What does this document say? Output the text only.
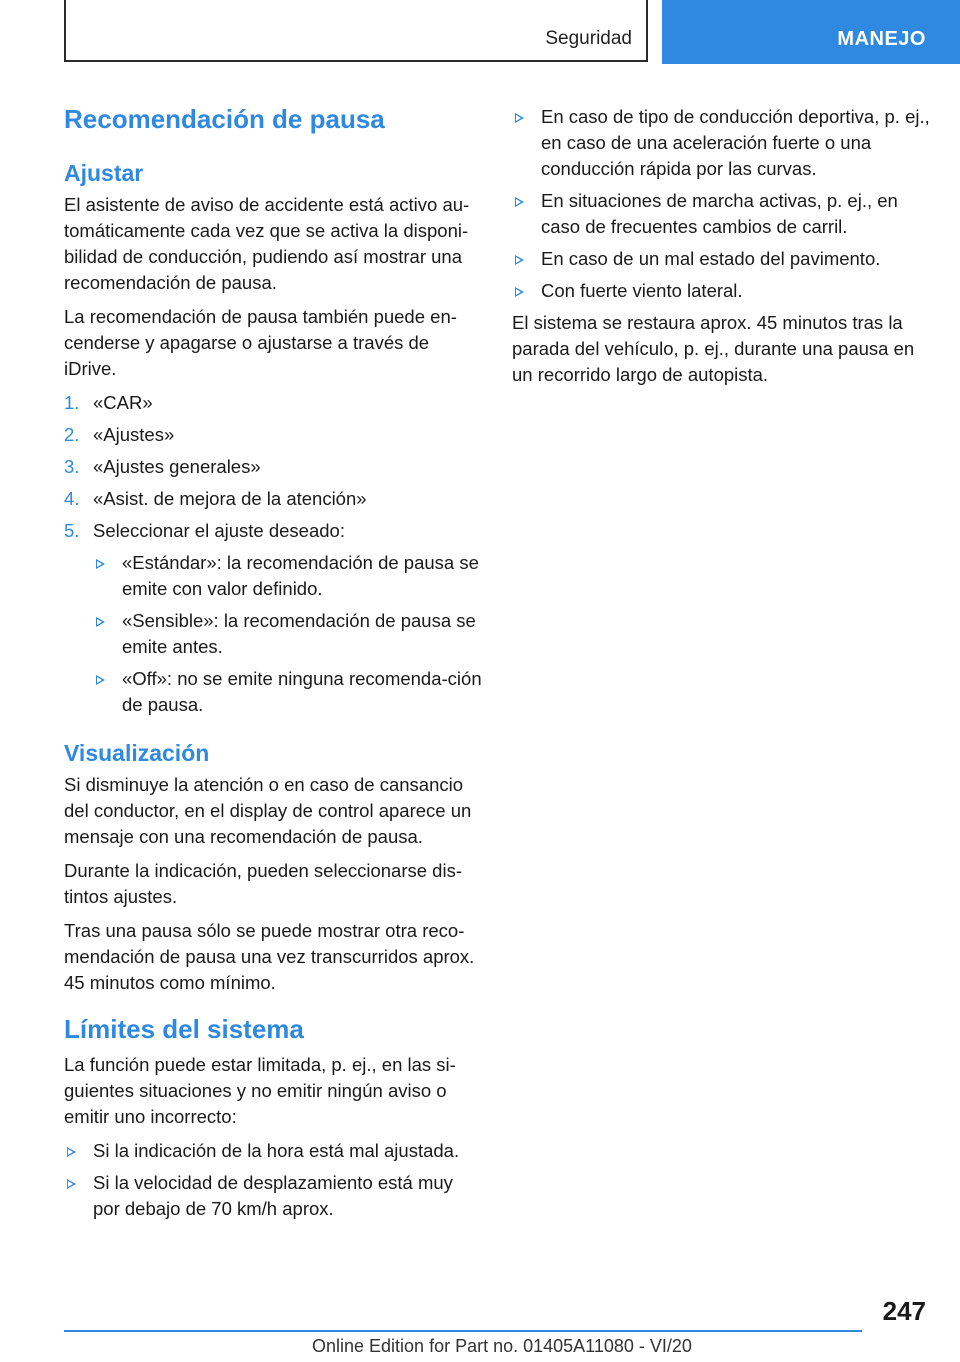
Seguridad	MANEJO
Recomendación de pausa
Ajustar

El asistente de aviso de accidente está activo au-tomáticamente cada vez que se activa la disponi-bilidad de conducción, pudiendo así mostrar una recomendación de pausa.

La recomendación de pausa también puede en-cenderse y apagarse o ajustarse a través de iDrive.

1. «CAR»
2. «Ajustes»
3. «Ajustes generales»
4. «Asist. de mejora de la atención»
5. Seleccionar el ajuste deseado:
«Estándar»: la recomendación de pausa se emite con valor definido.
«Sensible»: la recomendación de pausa se emite antes.
«Off»: no se emite ninguna recomenda-ción de pausa.
Visualización

Si disminuye la atención o en caso de cansancio del conductor, en el display de control aparece un mensaje con una recomendación de pausa.

Durante la indicación, pueden seleccionarse dis-tintos ajustes.

Tras una pausa sólo se puede mostrar otra reco-mendación de pausa una vez transcurridos aprox. 45 minutos como mínimo.

Límites del sistema

La función puede estar limitada, p. ej., en las si-guientes situaciones y no emitir ningún aviso o emitir uno incorrecto:

Si la indicación de la hora está mal ajustada.
Si la velocidad de desplazamiento está muy por debajo de 70 km/h aprox.
En caso de tipo de conducción deportiva, p. ej., en caso de una aceleración fuerte o una conducción rápida por las curvas.
En situaciones de marcha activas, p. ej., en caso de frecuentes cambios de carril.
En caso de un mal estado del pavimento.
Con fuerte viento lateral.

El sistema se restaura aprox. 45 minutos tras la parada del vehículo, p. ej., durante una pausa en un recorrido largo de autopista.

247
Online Edition for Part no. 01405A11080 - VI/20
